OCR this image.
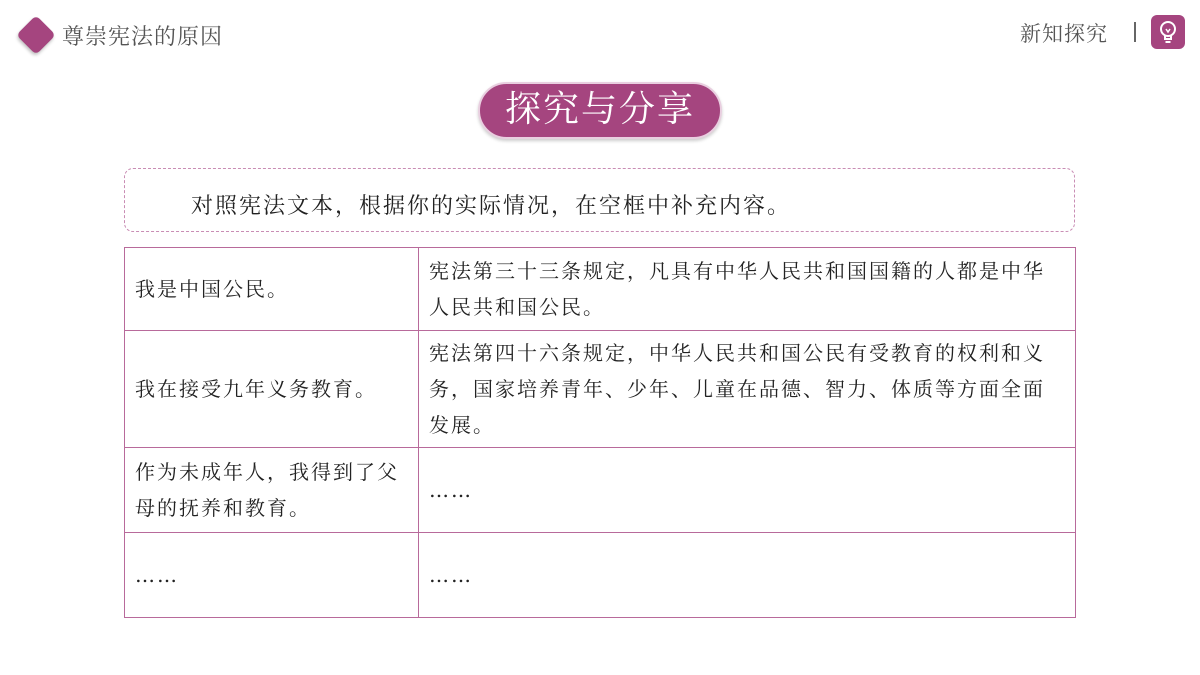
尊崇宪法的原因	新知探究
探究与分享
对照宪法文本，根据你的实际情况，在空框中补充内容。
我是中国公民。	宪法第三十三条规定，凡具有中华人民共和国国籍的人都是中华人民共和国公民。
我在接受九年义务教育。	宪法第四十六条规定，中华人民共和国公民有受教育的权利和义务，国家培养青年、少年、儿童在品德、智力、体质等方面全面发展。
作为未成年人，我得到了父母的抚养和教育。	……
……	……
